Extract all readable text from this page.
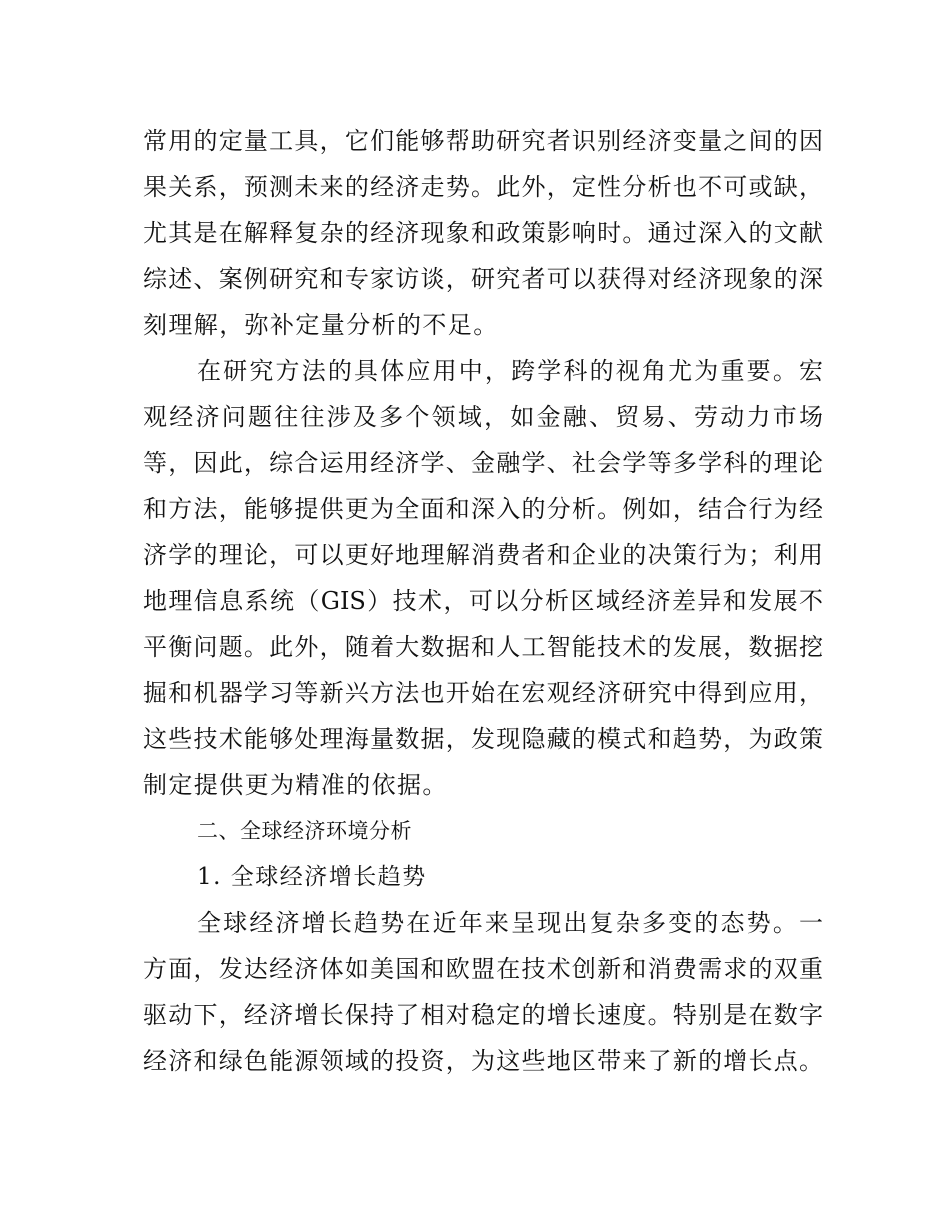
常用的定量工具，它们能够帮助研究者识别经济变量之间的因
果关系，预测未来的经济走势。此外，定性分析也不可或缺，
尤其是在解释复杂的经济现象和政策影响时。通过深入的文献
综述、案例研究和专家访谈，研究者可以获得对经济现象的深
刻理解，弥补定量分析的不足。
在研究方法的具体应用中，跨学科的视角尤为重要。宏
观经济问题往往涉及多个领域，如金融、贸易、劳动力市场
等，因此，综合运用经济学、金融学、社会学等多学科的理论
和方法，能够提供更为全面和深入的分析。例如，结合行为经
济学的理论，可以更好地理解消费者和企业的决策行为；利用
地理信息系统（GIS）技术，可以分析区域经济差异和发展不
平衡问题。此外，随着大数据和人工智能技术的发展，数据挖
掘和机器学习等新兴方法也开始在宏观经济研究中得到应用，
这些技术能够处理海量数据，发现隐藏的模式和趋势，为政策
制定提供更为精准的依据。
二、全球经济环境分析
1. 全球经济增长趋势
全球经济增长趋势在近年来呈现出复杂多变的态势。一
方面，发达经济体如美国和欧盟在技术创新和消费需求的双重
驱动下，经济增长保持了相对稳定的增长速度。特别是在数字
经济和绿色能源领域的投资，为这些地区带来了新的增长点。
